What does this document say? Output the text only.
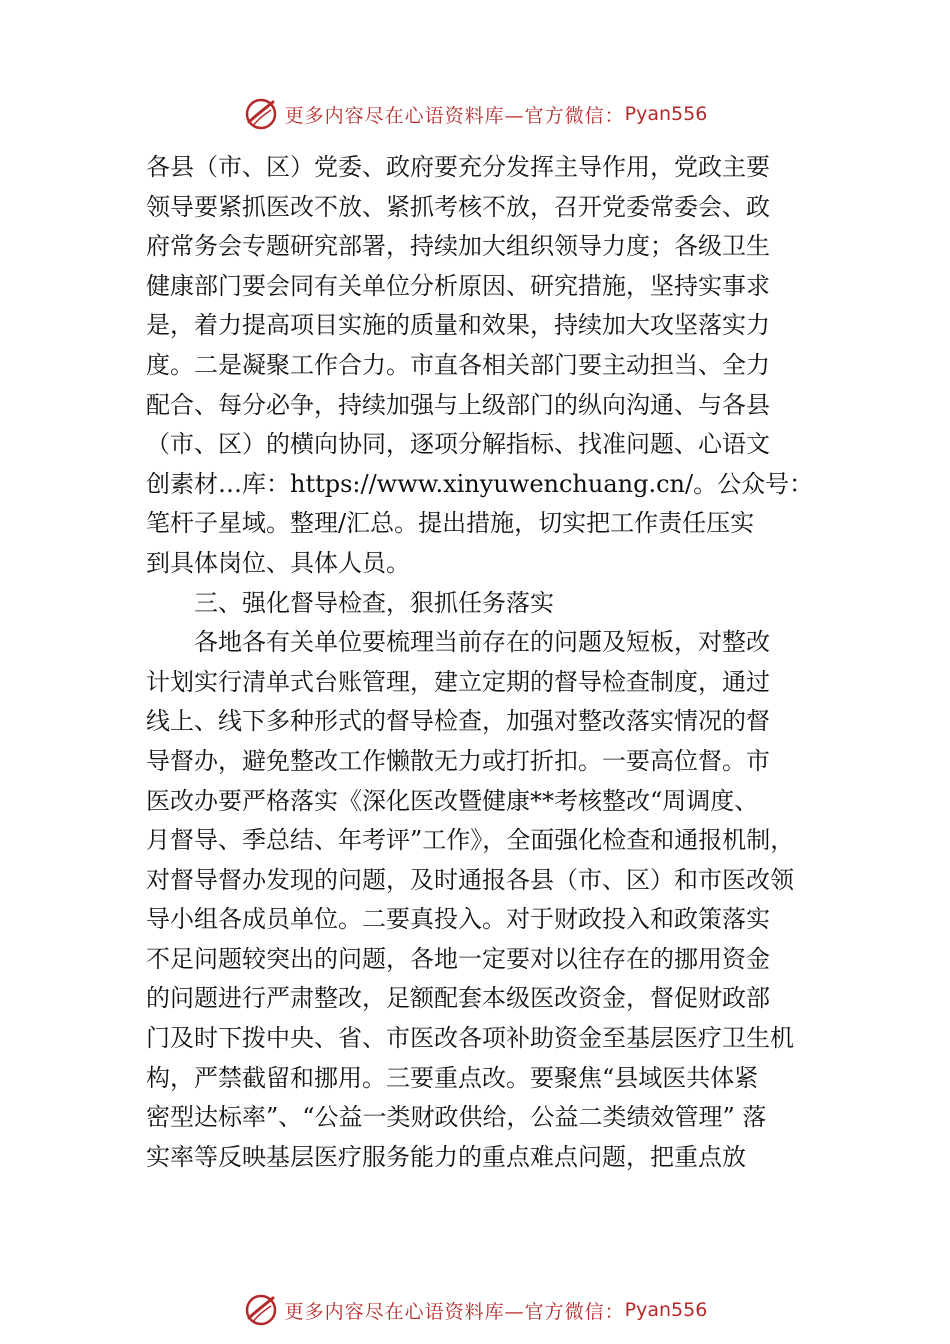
更多内容尽在心语资料库—官方微信： Pyan556
各县（市、区）党委、政府要充分发挥主导作用，党政主要
领导要紧抓医改不放、紧抓考核不放，召开党委常委会、政
府常务会专题研究部署，持续加大组织领导力度；各级卫生
健康部门要会同有关单位分析原因、研究措施，坚持实事求
是，着力提高项目实施的质量和效果，持续加大攻坚落实力
度。二是凝聚工作合力。市直各相关部门要主动担当、全力
配合、每分必争，持续加强与上级部门的纵向沟通、与各县
（市、区）的横向协同，逐项分解指标、找准问题、心语文
创素材…库：https://www.xinyuwenchuang.cn/。公众号：
笔杆子星域。整理/汇总。提出措施，切实把工作责任压实
到具体岗位、具体人员。
三、强化督导检查，狠抓任务落实
各地各有关单位要梳理当前存在的问题及短板，对整改
计划实行清单式台账管理，建立定期的督导检查制度，通过
线上、线下多种形式的督导检查，加强对整改落实情况的督
导督办，避免整改工作懒散无力或打折扣。一要高位督。市
医改办要严格落实《深化医改暨健康**考核整改“周调度、
月督导、季总结、年考评”工作》，全面强化检查和通报机制，
对督导督办发现的问题，及时通报各县（市、区）和市医改领
导小组各成员单位。二要真投入。对于财政投入和政策落实
不足问题较突出的问题，各地一定要对以往存在的挪用资金
的问题进行严肃整改，足额配套本级医改资金，督促财政部
门及时下拨中央、省、市医改各项补助资金至基层医疗卫生机
构，严禁截留和挪用。三要重点改。要聚焦“县域医共体紧
密型达标率”、“公益一类财政供给，公益二类绩效管理” 落
实率等反映基层医疗服务能力的重点难点问题，把重点放
更多内容尽在心语资料库—官方微信： Pyan556
